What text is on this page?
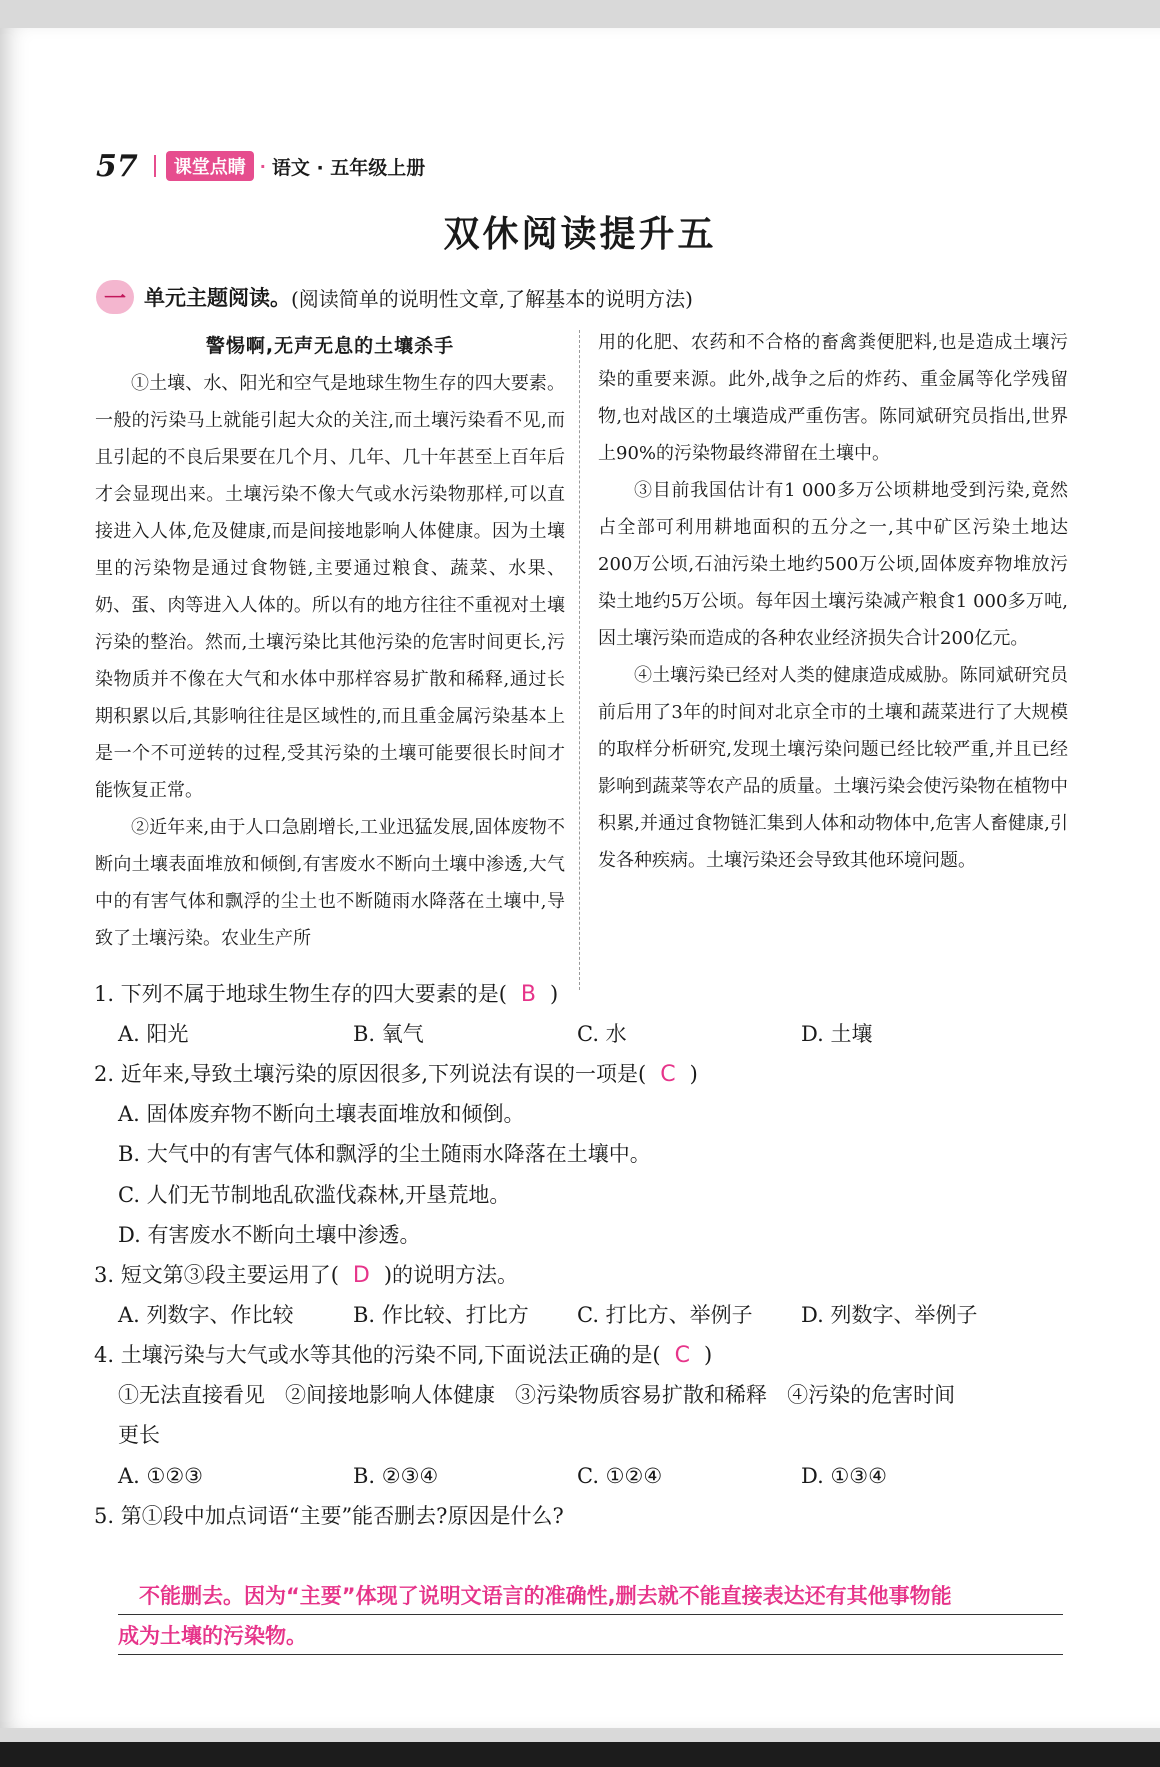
57	课堂点睛 · 语文 · 五年级上册
双休阅读提升五
一 单元主题阅读。 (阅读简单的说明性文章,了解基本的说明方法)
警惕啊,无声无息的土壤杀手

①土壤、水、阳光和空气是地球生物生存的四大要素。一般的污染马上就能引起大众的关注,而土壤污染看不见,而且引起的不良后果要在几个月、几年、几十年甚至上百年后才会显现出来。土壤污染不像大气或水污染物那样,可以直接进入人体,危及健康,而是间接地影响人体健康。因为土壤里的污染物是通过食物链,主要通过粮食、蔬菜、水果、奶、蛋、肉等进入人体的。所以有的地方往往不重视对土壤污染的整治。然而,土壤污染比其他污染的危害时间更长,污染物质并不像在大气和水体中那样容易扩散和稀释,通过长期积累以后,其影响往往是区域性的,而且重金属污染基本上是一个不可逆转的过程,受其污染的土壤可能要很长时间才能恢复正常。

②近年来,由于人口急剧增长,工业迅猛发展,固体废物不断向土壤表面堆放和倾倒,有害废水不断向土壤中渗透,大气中的有害气体和飘浮的尘土也不断随雨水降落在土壤中,导致了土壤污染。农业生产所

用的化肥、农药和不合格的畜禽粪便肥料,也是造成土壤污染的重要来源。此外,战争之后的炸药、重金属等化学残留物,也对战区的土壤造成严重伤害。陈同斌研究员指出,世界上90%的污染物最终滞留在土壤中。

③目前我国估计有1 000多万公顷耕地受到污染,竟然占全部可利用耕地面积的五分之一,其中矿区污染土地达200万公顷,石油污染土地约500万公顷,固体废弃物堆放污染土地约5万公顷。每年因土壤污染减产粮食1 000多万吨,因土壤污染而造成的各种农业经济损失合计200亿元。

④土壤污染已经对人类的健康造成威胁。陈同斌研究员前后用了3年的时间对北京全市的土壤和蔬菜进行了大规模的取样分析研究,发现土壤污染问题已经比较严重,并且已经影响到蔬菜等农产品的质量。土壤污染会使污染物在植物中积累,并通过食物链汇集到人体和动物体中,危害人畜健康,引发各种疾病。土壤污染还会导致其他环境问题。

1. 下列不属于地球生物生存的四大要素的是( B )
A. 阳光	B. 氧气	C. 水	D. 土壤
2. 近年来,导致土壤污染的原因很多,下列说法有误的一项是( C )
A. 固体废弃物不断向土壤表面堆放和倾倒。
B. 大气中的有害气体和飘浮的尘土随雨水降落在土壤中。
C. 人们无节制地乱砍滥伐森林,开垦荒地。
D. 有害废水不断向土壤中渗透。
3. 短文第③段主要运用了( D )的说明方法。
A. 列数字、作比较	B. 作比较、打比方 C. 打比方、举例子 D. 列数字、举例子
4. 土壤污染与大气或水等其他的污染不同,下面说法正确的是( C )
①无法直接看见   ②间接地影响人体健康   ③污染物质容易扩散和稀释   ④污染的危害时间
更长
A. ①②③	B. ②③④	C. ①②④	D. ①③④
5. 第①段中加点词语“主要”能否删去?原因是什么?
不能删去。因为“主要”体现了说明文语言的准确性,删去就不能直接表达还有其他事物能
成为土壤的污染物。
